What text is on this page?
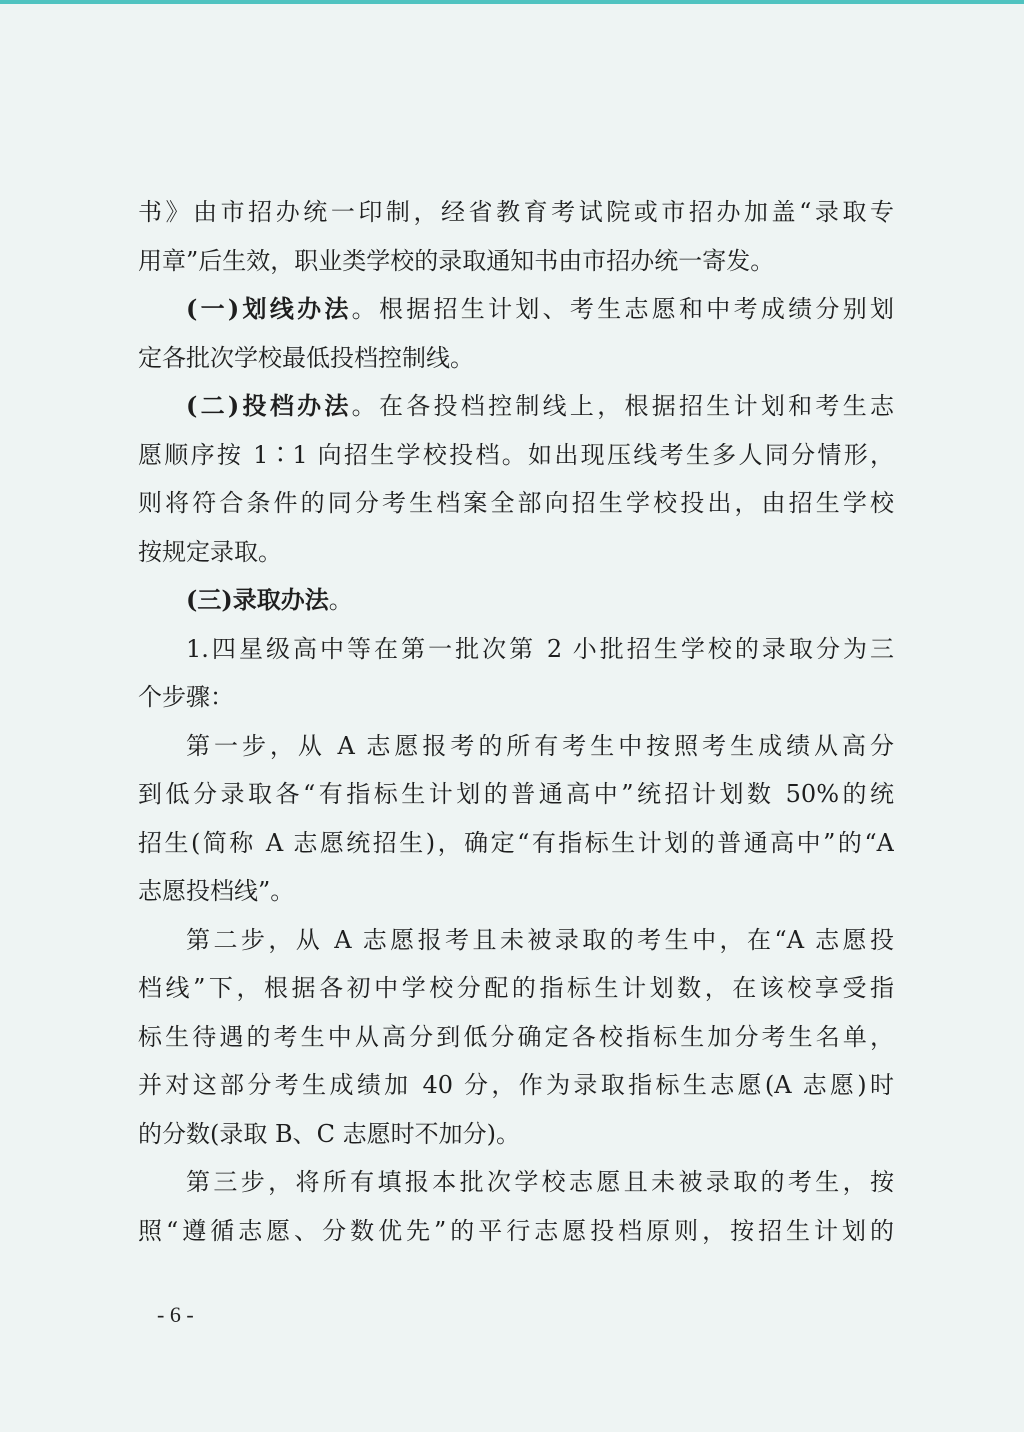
书》由市招办统一印制，经省教育考试院或市招办加盖“录取专
用章”后生效，职业类学校的录取通知书由市招办统一寄发。
(一)划线办法。根据招生计划、考生志愿和中考成绩分别划
定各批次学校最低投档控制线。
(二)投档办法。在各投档控制线上，根据招生计划和考生志
愿顺序按 1∶1 向招生学校投档。如出现压线考生多人同分情形，
则将符合条件的同分考生档案全部向招生学校投出，由招生学校
按规定录取。
(三)录取办法。
1.四星级高中等在第一批次第 2 小批招生学校的录取分为三
个步骤：
第一步，从 A 志愿报考的所有考生中按照考生成绩从高分
到低分录取各“有指标生计划的普通高中”统招计划数 50%的统
招生(简称 A 志愿统招生)，确定“有指标生计划的普通高中”的“A
志愿投档线”。
第二步，从 A 志愿报考且未被录取的考生中，在“A 志愿投
档线”下，根据各初中学校分配的指标生计划数，在该校享受指
标生待遇的考生中从高分到低分确定各校指标生加分考生名单，
并对这部分考生成绩加 40 分，作为录取指标生志愿(A 志愿)时
的分数(录取 B、C 志愿时不加分)。
第三步，将所有填报本批次学校志愿且未被录取的考生，按
照“遵循志愿、分数优先”的平行志愿投档原则，按招生计划的
- 6 -
